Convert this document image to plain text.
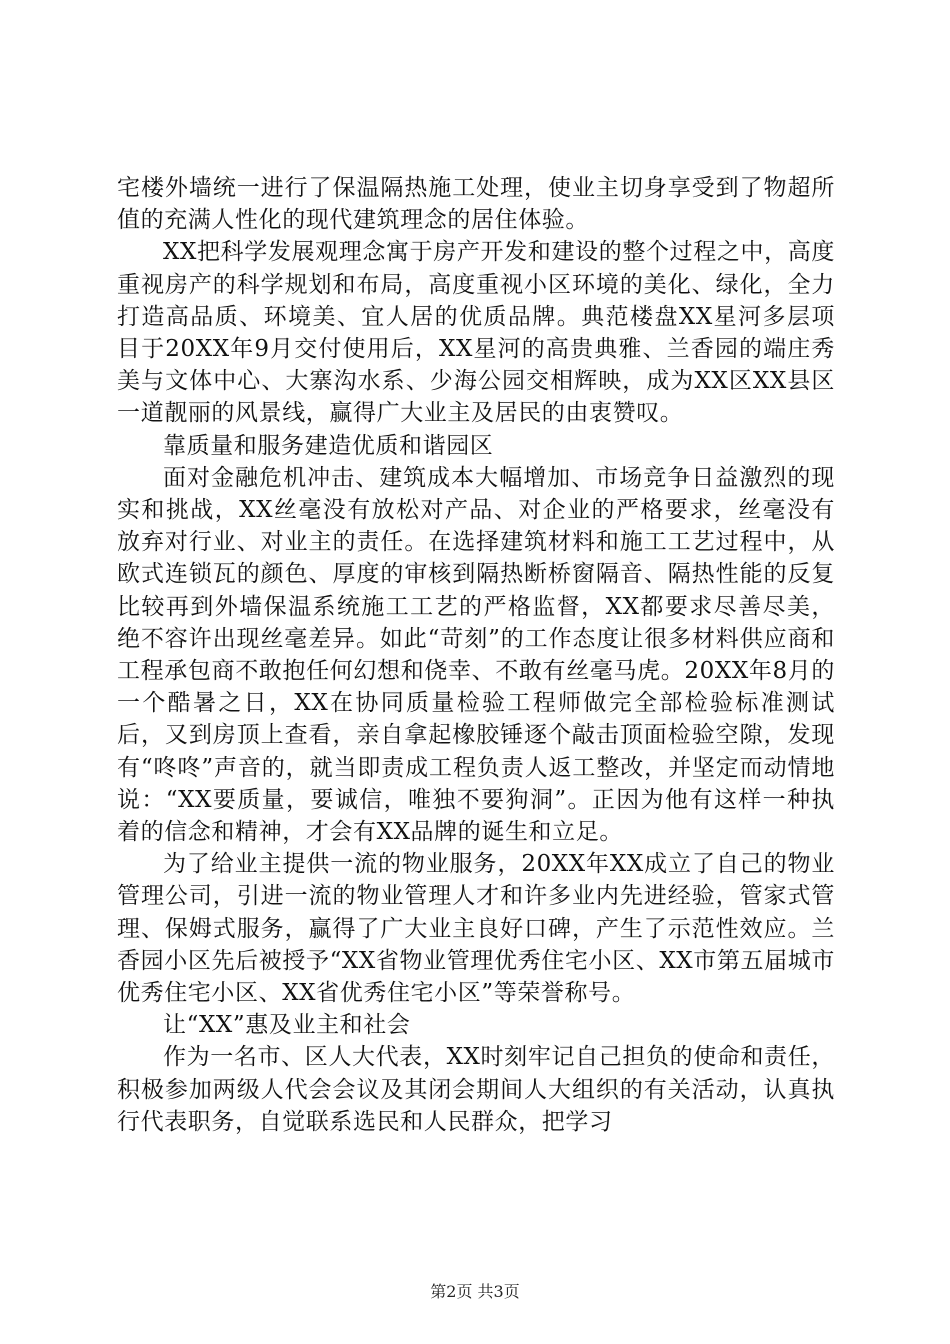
宅楼外墙统一进行了保温隔热施工处理，使业主切身享受到了物超所值的充满人性化的现代建筑理念的居住体验。

XX把科学发展观理念寓于房产开发和建设的整个过程之中，高度重视房产的科学规划和布局，高度重视小区环境的美化、绿化，全力打造高品质、环境美、宜人居的优质品牌。典范楼盘XX星河多层项目于20XX年9月交付使用后，XX星河的高贵典雅、兰香园的端庄秀美与文体中心、大寨沟水系、少海公园交相辉映，成为XX区XX县区一道靓丽的风景线，赢得广大业主及居民的由衷赞叹。

靠质量和服务建造优质和谐园区

面对金融危机冲击、建筑成本大幅增加、市场竞争日益激烈的现实和挑战，XX丝毫没有放松对产品、对企业的严格要求，丝毫没有放弃对行业、对业主的责任。在选择建筑材料和施工工艺过程中，从欧式连锁瓦的颜色、厚度的审核到隔热断桥窗隔音、隔热性能的反复比较再到外墙保温系统施工工艺的严格监督，XX都要求尽善尽美，绝不容许出现丝毫差异。如此“苛刻”的工作态度让很多材料供应商和工程承包商不敢抱任何幻想和侥幸、不敢有丝毫马虎。20XX年8月的一个酷暑之日，XX在协同质量检验工程师做完全部检验标准测试后，又到房顶上查看，亲自拿起橡胶锤逐个敲击顶面检验空隙，发现有“咚咚”声音的，就当即责成工程负责人返工整改，并坚定而动情地说：“XX要质量，要诚信，唯独不要狗洞”。正因为他有这样一种执着的信念和精神，才会有XX品牌的诞生和立足。

为了给业主提供一流的物业服务，20XX年XX成立了自己的物业管理公司，引进一流的物业管理人才和许多业内先进经验，管家式管理、保姆式服务，赢得了广大业主良好口碑，产生了示范性效应。兰香园小区先后被授予“XX省物业管理优秀住宅小区、XX市第五届城市优秀住宅小区、XX省优秀住宅小区”等荣誉称号。

让“XX”惠及业主和社会

作为一名市、区人大代表，XX时刻牢记自己担负的使命和责任，积极参加两级人代会会议及其闭会期间人大组织的有关活动，认真执行代表职务，自觉联系选民和人民群众，把学习

第2页 共3页
